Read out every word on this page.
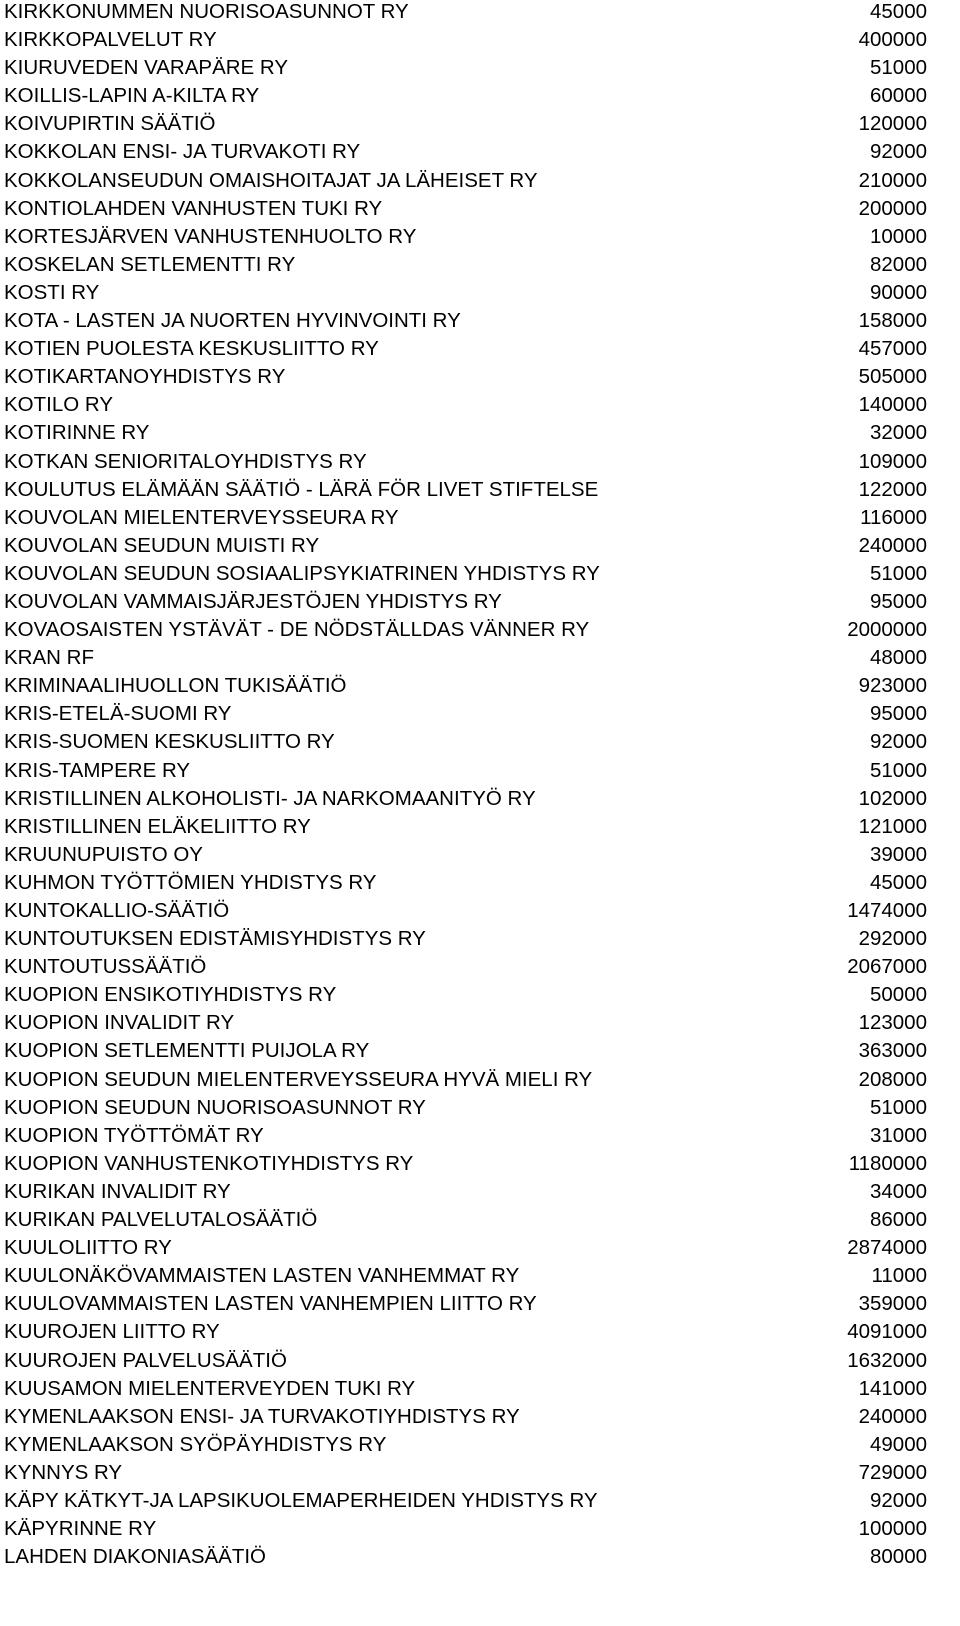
KIRKKONUMMEN NUORISOASUNNOT RY	45000
KIRKKOPALVELUT RY	400000
KIURUVEDEN VARAPÄRE RY	51000
KOILLIS-LAPIN A-KILTA RY	60000
KOIVUPIRTIN SÄÄTIÖ	120000
KOKKOLAN ENSI- JA TURVAKOTI RY	92000
KOKKOLANSEUDUN OMAISHOITAJAT JA LÄHEISET RY	210000
KONTIOLAHDEN VANHUSTEN TUKI RY	200000
KORTESJÄRVEN VANHUSTENHUOLTO RY	10000
KOSKELAN SETLEMENTTI RY	82000
KOSTI RY	90000
KOTA - LASTEN JA NUORTEN HYVINVOINTI RY	158000
KOTIEN PUOLESTA KESKUSLIITTO RY	457000
KOTIKARTANOYHDISTYS RY	505000
KOTILO RY	140000
KOTIRINNE RY	32000
KOTKAN SENIORITALOYHDISTYS RY	109000
KOULUTUS ELÄMÄÄN SÄÄTIÖ - LÄRÄ FÖR LIVET STIFTELSE	122000
KOUVOLAN MIELENTERVEYSSEURA RY	116000
KOUVOLAN SEUDUN MUISTI RY	240000
KOUVOLAN SEUDUN SOSIAALIPSYKIATRINEN YHDISTYS RY	51000
KOUVOLAN VAMMAISJÄRJESTÖJEN YHDISTYS RY	95000
KOVAOSAISTEN YSTÄVÄT - DE NÖDSTÄLLDAS VÄNNER RY	2000000
KRAN RF	48000
KRIMINAALIHUOLLON TUKISÄÄTIÖ	923000
KRIS-ETELÄ-SUOMI RY	95000
KRIS-SUOMEN KESKUSLIITTO RY	92000
KRIS-TAMPERE RY	51000
KRISTILLINEN ALKOHOLISTI- JA NARKOMAANITYÖ RY	102000
KRISTILLINEN ELÄKELIITTO RY	121000
KRUUNUPUISTO OY	39000
KUHMON TYÖTTÖMIEN YHDISTYS RY	45000
KUNTOKALLIO-SÄÄTIÖ	1474000
KUNTOUTUKSEN EDISTÄMISYHDISTYS RY	292000
KUNTOUTUSSÄÄTIÖ	2067000
KUOPION ENSIKOTIYHDISTYS RY	50000
KUOPION INVALIDIT RY	123000
KUOPION SETLEMENTTI PUIJOLA RY	363000
KUOPION SEUDUN MIELENTERVEYSSEURA HYVÄ MIELI RY	208000
KUOPION SEUDUN NUORISOASUNNOT RY	51000
KUOPION TYÖTTÖMÄT RY	31000
KUOPION VANHUSTENKOTIYHDISTYS RY	1180000
KURIKAN INVALIDIT RY	34000
KURIKAN PALVELUTALOSÄÄTIÖ	86000
KUULOLIITTO RY	2874000
KUULONÄKÖVAMMAISTEN LASTEN VANHEMMAT RY	11000
KUULOVAMMAISTEN LASTEN VANHEMPIEN LIITTO RY	359000
KUUROJEN LIITTO RY	4091000
KUUROJEN PALVELUSÄÄTIÖ	1632000
KUUSAMON MIELENTERVEYDEN TUKI RY	141000
KYMENLAAKSON ENSI- JA TURVAKOTIYHDISTYS RY	240000
KYMENLAAKSON SYÖPÄYHDISTYS RY	49000
KYNNYS RY	729000
KÄPY KÄTKYT-JA LAPSIKUOLEMAPERHEIDEN YHDISTYS RY	92000
KÄPYRINNE RY	100000
LAHDEN DIAKONIASÄÄTIÖ	80000
